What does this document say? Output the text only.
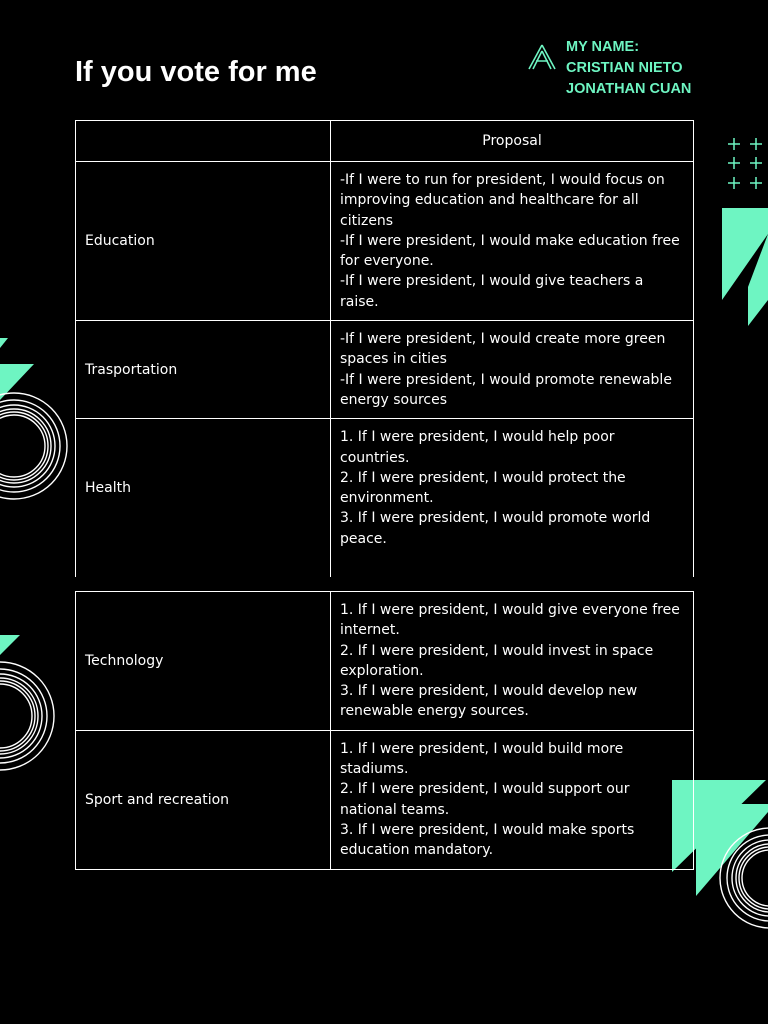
If you vote for me
MY NAME:
CRISTIAN NIETO
JONATHAN CUAN
	Proposal
Education	-If I were to run for president, I would focus on improving education and healthcare for all citizens
-If I were president, I would make education free for everyone.
-If I were president, I would give teachers a raise.

Trasportation	-If I were president, I would create more green spaces in cities
-If I were president, I would promote renewable energy sources

Health	1. If I were president, I would help poor countries.
2. If I were president, I would protect the environment.
3. If I were president, I would promote world peace.
Technology	1. If I were president, I would give everyone free internet.
2. If I were president, I would invest in space exploration.
3. If I were president, I would develop new renewable energy sources.

Sport and recreation	1. If I were president, I would build more stadiums.
2. If I were president, I would support our national teams.
3. If I were president, I would make sports education mandatory.
